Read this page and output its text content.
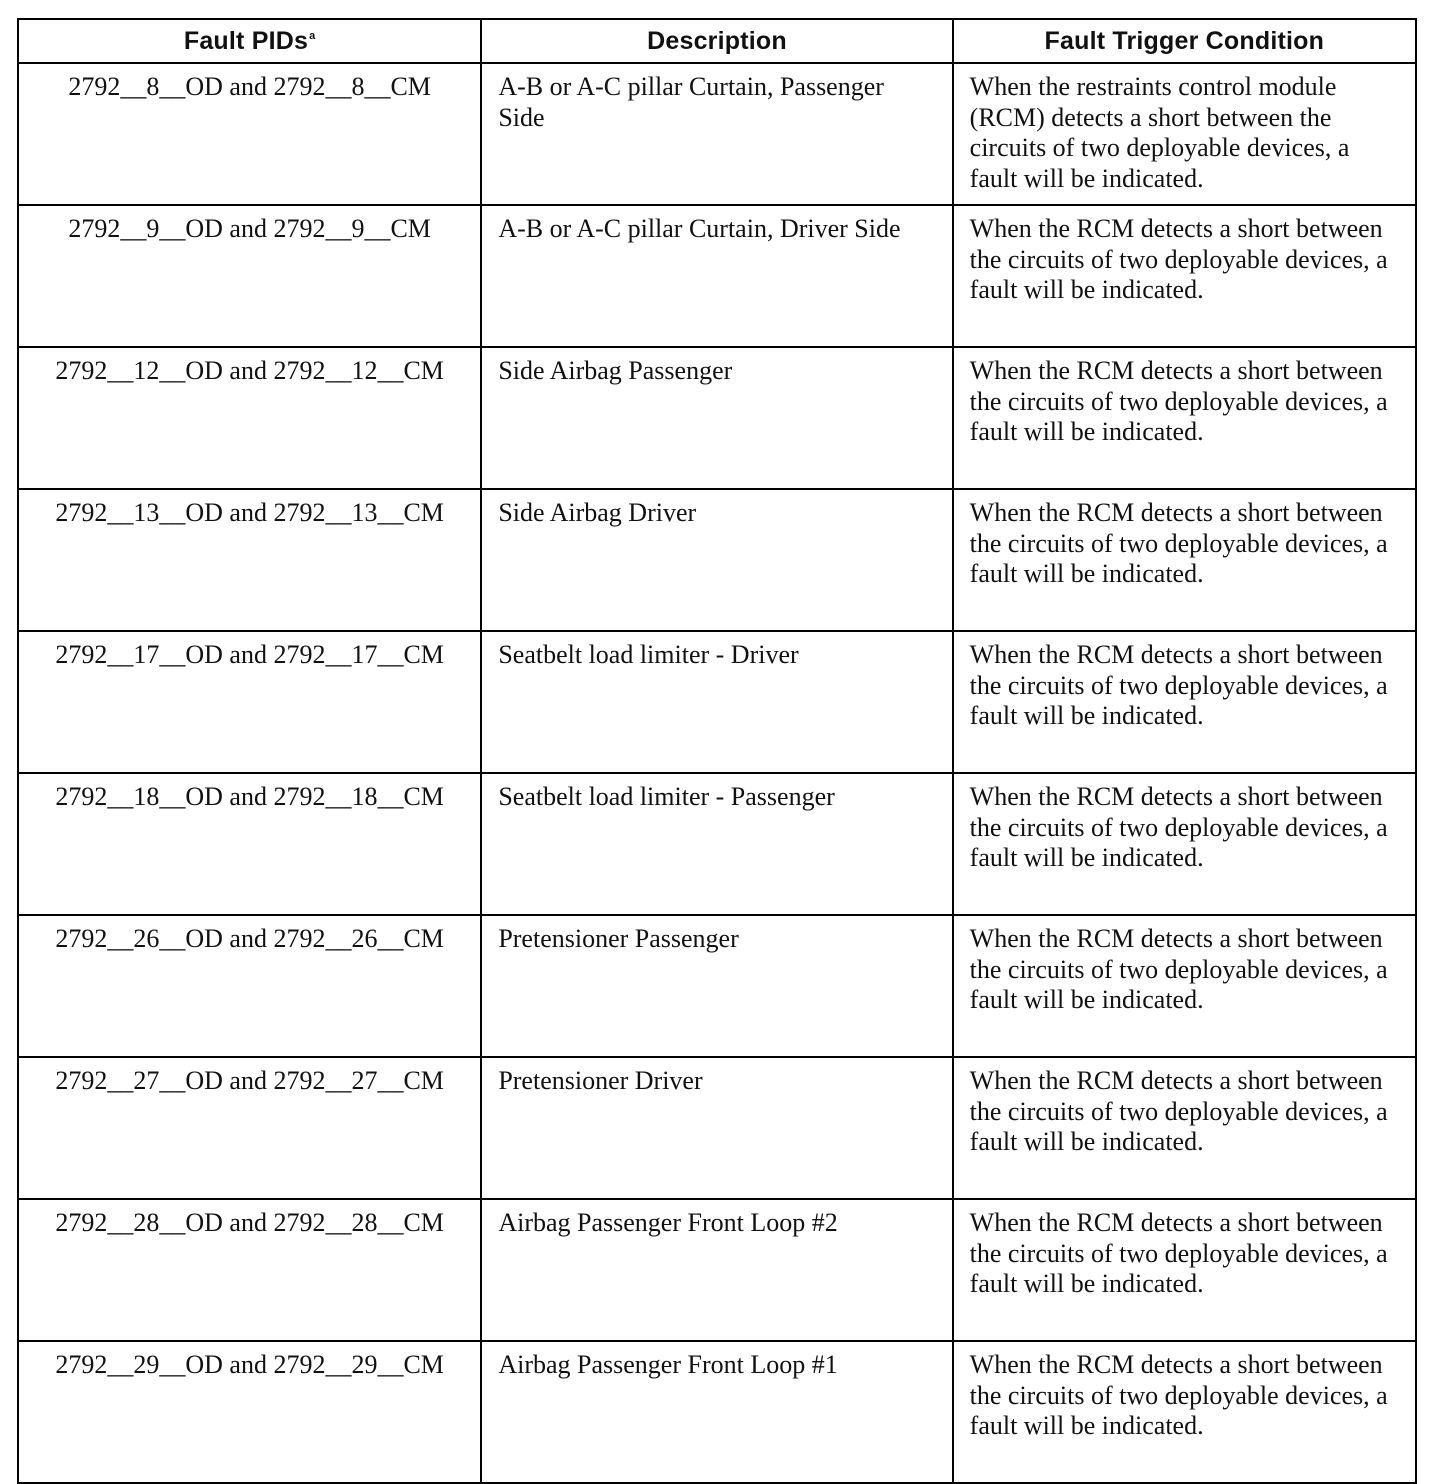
Fault PIDs$^a$	Description	Fault Trigger Condition
2792__8__OD and 2792__8__CM	A-B or A-C pillar Curtain, Passenger Side	When the restraints control module (RCM) detects a short between the circuits of two deployable devices, a fault will be indicated.
2792__9__OD and 2792__9__CM	A-B or A-C pillar Curtain, Driver Side	When the RCM detects a short between the circuits of two deployable devices, a fault will be indicated.
2792__12__OD and 2792__12__CM	Side Airbag Passenger	When the RCM detects a short between the circuits of two deployable devices, a fault will be indicated.
2792__13__OD and 2792__13__CM	Side Airbag Driver	When the RCM detects a short between the circuits of two deployable devices, a fault will be indicated.
2792__17__OD and 2792__17__CM	Seatbelt load limiter - Driver	When the RCM detects a short between the circuits of two deployable devices, a fault will be indicated.
2792__18__OD and 2792__18__CM	Seatbelt load limiter - Passenger	When the RCM detects a short between the circuits of two deployable devices, a fault will be indicated.
2792__26__OD and 2792__26__CM	Pretensioner Passenger	When the RCM detects a short between the circuits of two deployable devices, a fault will be indicated.
2792__27__OD and 2792__27__CM	Pretensioner Driver	When the RCM detects a short between the circuits of two deployable devices, a fault will be indicated.
2792__28__OD and 2792__28__CM	Airbag Passenger Front Loop #2	When the RCM detects a short between the circuits of two deployable devices, a fault will be indicated.
2792__29__OD and 2792__29__CM	Airbag Passenger Front Loop #1	When the RCM detects a short between the circuits of two deployable devices, a fault will be indicated.
